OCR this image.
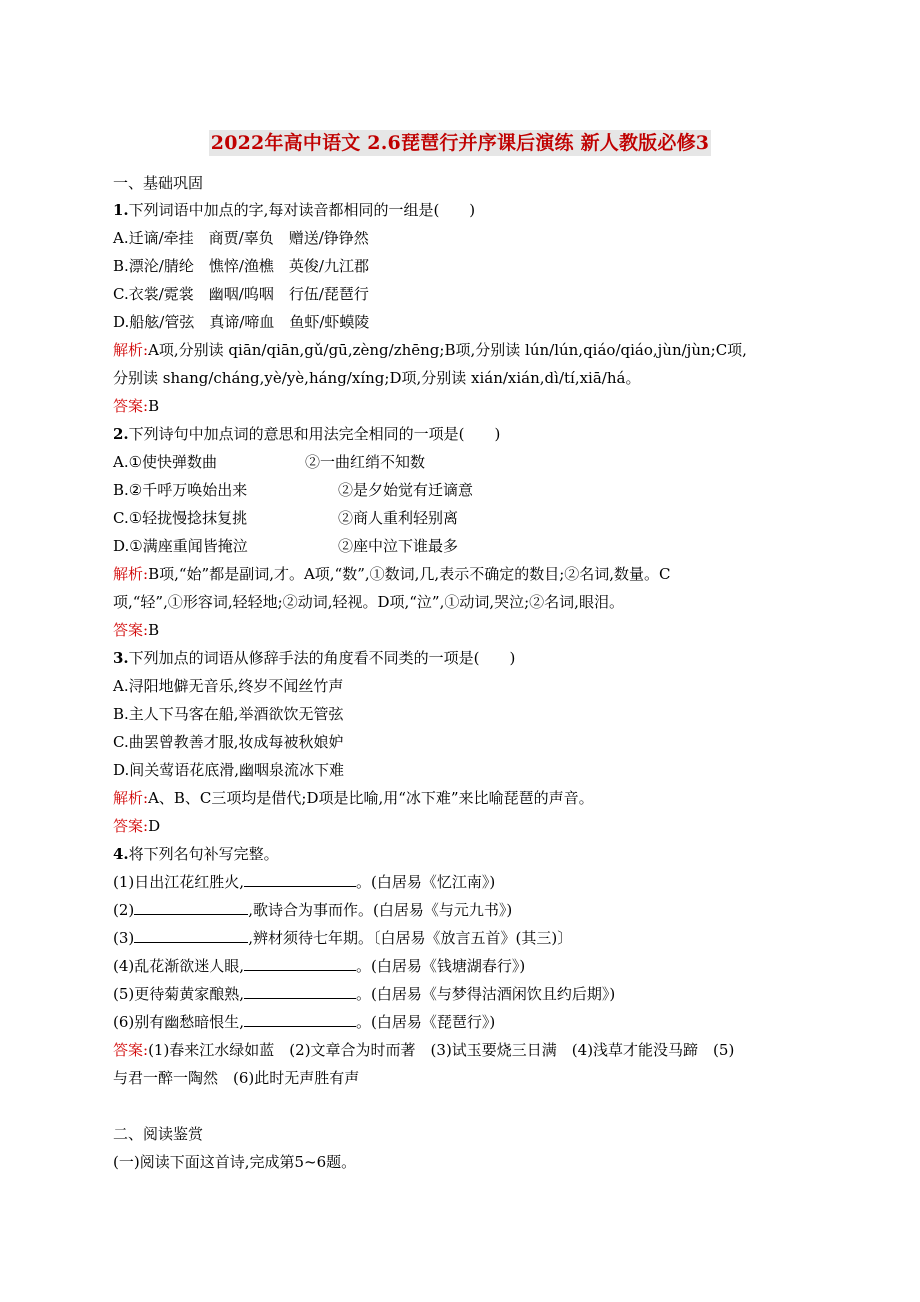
2022年高中语文 2.6琵琶行并序课后演练 新人教版必修3
一、基础巩固
1.下列词语中加点的字,每对读音都相同的一组是(　　)
A.迁谪/牵挂　商贾/辜负　赠送/铮铮然
B.漂沦/腈纶　憔悴/渔樵　英俊/九江郡
C.衣裳/霓裳　幽咽/呜咽　行伍/琵琶行
D.船舷/管弦　真谛/啼血　鱼虾/虾蟆陵
解析:A项,分别读 qiān/qiān,gǔ/gū,zèng/zhēng;B项,分别读 lún/lún,qiáo/qiáo,jùn/jùn;C项,
分别读 shang/cháng,yè/yè,háng/xíng;D项,分别读 xián/xián,dì/tí,xiā/há。
答案:B
2.下列诗句中加点词的意思和用法完全相同的一项是(　　)
A.①使快弹数曲	②一曲红绡不知数
B.②千呼万唤始出来	②是夕始觉有迁谪意
C.①轻拢慢捻抹复挑	②商人重利轻别离
D.①满座重闻皆掩泣	②座中泣下谁最多
解析:B项,“始”都是副词,才。A项,“数”,①数词,几,表示不确定的数目;②名词,数量。C
项,“轻”,①形容词,轻轻地;②动词,轻视。D项,“泣”,①动词,哭泣;②名词,眼泪。
答案:B
3.下列加点的词语从修辞手法的角度看不同类的一项是(　　)
A.浔阳地僻无音乐,终岁不闻丝竹声
B.主人下马客在船,举酒欲饮无管弦
C.曲罢曾教善才服,妆成每被秋娘妒
D.间关莺语花底滑,幽咽泉流冰下难
解析:A、B、C三项均是借代;D项是比喻,用“冰下难”来比喻琵琶的声音。
答案:D
4.将下列名句补写完整。
(1)日出江花红胜火,	。(白居易《忆江南》)
(2)	,歌诗合为事而作。(白居易《与元九书》)
(3)	,辨材须待七年期。〔白居易《放言五首》(其三)〕
(4)乱花渐欲迷人眼,	。(白居易《钱塘湖春行》)
(5)更待菊黄家酿熟,	。(白居易《与梦得沽酒闲饮且约后期》)
(6)别有幽愁暗恨生,	。(白居易《琵琶行》)
答案:(1)春来江水绿如蓝　(2)文章合为时而著　(3)试玉要烧三日满　(4)浅草才能没马蹄　(5)
与君一醉一陶然　(6)此时无声胜有声
二、阅读鉴赏
(一)阅读下面这首诗,完成第5~6题。
